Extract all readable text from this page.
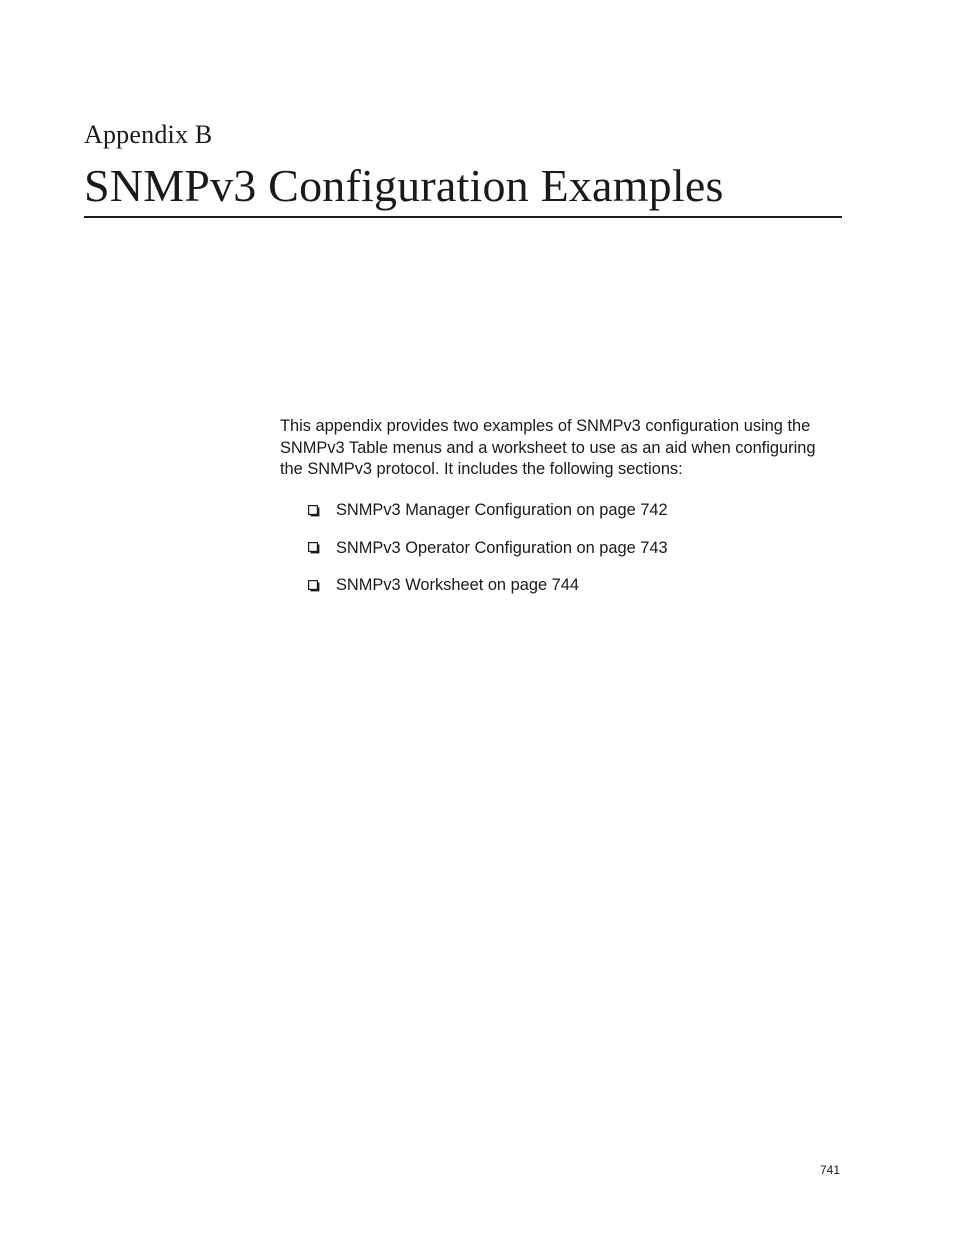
Appendix B
SNMPv3 Configuration Examples

This appendix provides two examples of SNMPv3 configuration using the SNMPv3 Table menus and a worksheet to use as an aid when configuring the SNMPv3 protocol. It includes the following sections:

SNMPv3 Manager Configuration on page 742
SNMPv3 Operator Configuration on page 743
SNMPv3 Worksheet on page 744
741
